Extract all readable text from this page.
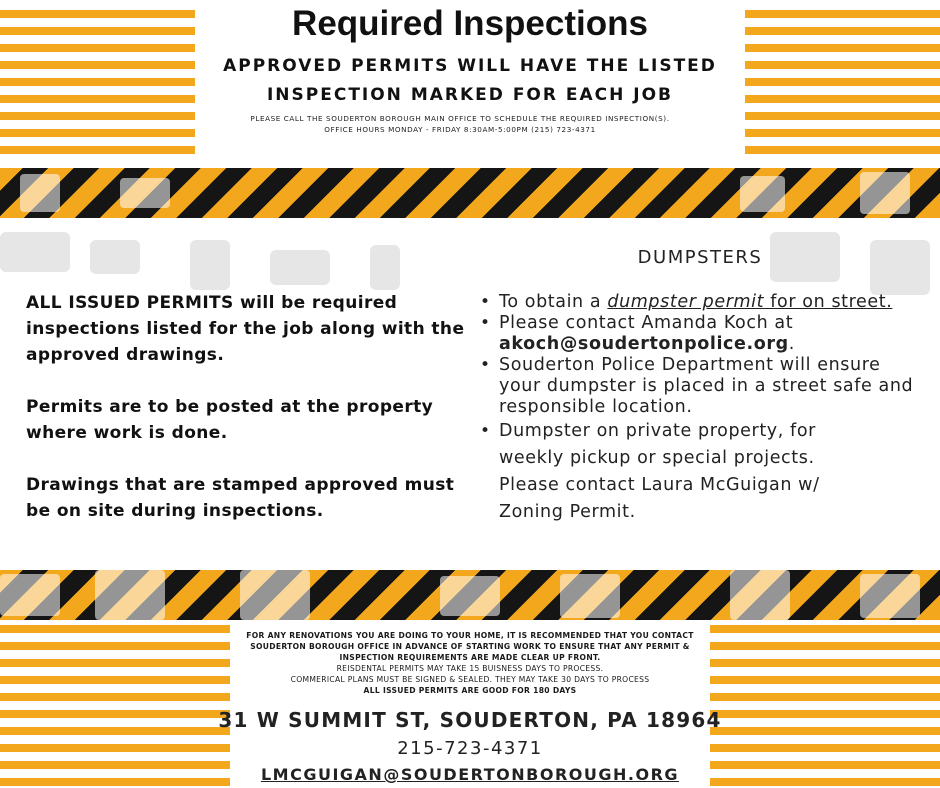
Required Inspections
APPROVED PERMITS WILL HAVE THE LISTED
INSPECTION MARKED FOR EACH JOB
PLEASE CALL THE SOUDERTON BOROUGH MAIN OFFICE TO SCHEDULE THE REQUIRED INSPECTION(S).
OFFICE HOURS MONDAY - FRIDAY 8:30AM-5:00PM (215) 723-4371

ALL ISSUED PERMITS will be required inspections listed for the job along with the approved drawings.

Permits are to be posted at the property where work is done.

Drawings that are stamped approved must be on site during inspections.

DUMPSTERS
• To obtain a dumpster permit for on street.
• Please contact Amanda Koch at akoch@soudertonpolice.org.
• Souderton Police Department will ensure your dumpster is placed in a street safe and responsible location.
• Dumpster on private property, for
weekly pickup or special projects.
Please contact Laura McGuigan w/
Zoning Permit.
FOR ANY RENOVATIONS YOU ARE DOING TO YOUR HOME, IT IS RECOMMENDED THAT YOU CONTACT SOUDERTON BOROUGH OFFICE IN ADVANCE OF STARTING WORK TO ENSURE THAT ANY PERMIT & INSPECTION REQUIREMENTS ARE MADE CLEAR UP FRONT.
REISDENTAL PERMITS MAY TAKE 15 BUISNESS DAYS TO PROCESS.
COMMERICAL PLANS MUST BE SIGNED & SEALED. THEY MAY TAKE 30 DAYS TO PROCESS
ALL ISSUED PERMITS ARE GOOD FOR 180 DAYS
31 W SUMMIT ST, SOUDERTON, PA 18964
215-723-4371
LMCGUIGAN@SOUDERTONBOROUGH.ORG
